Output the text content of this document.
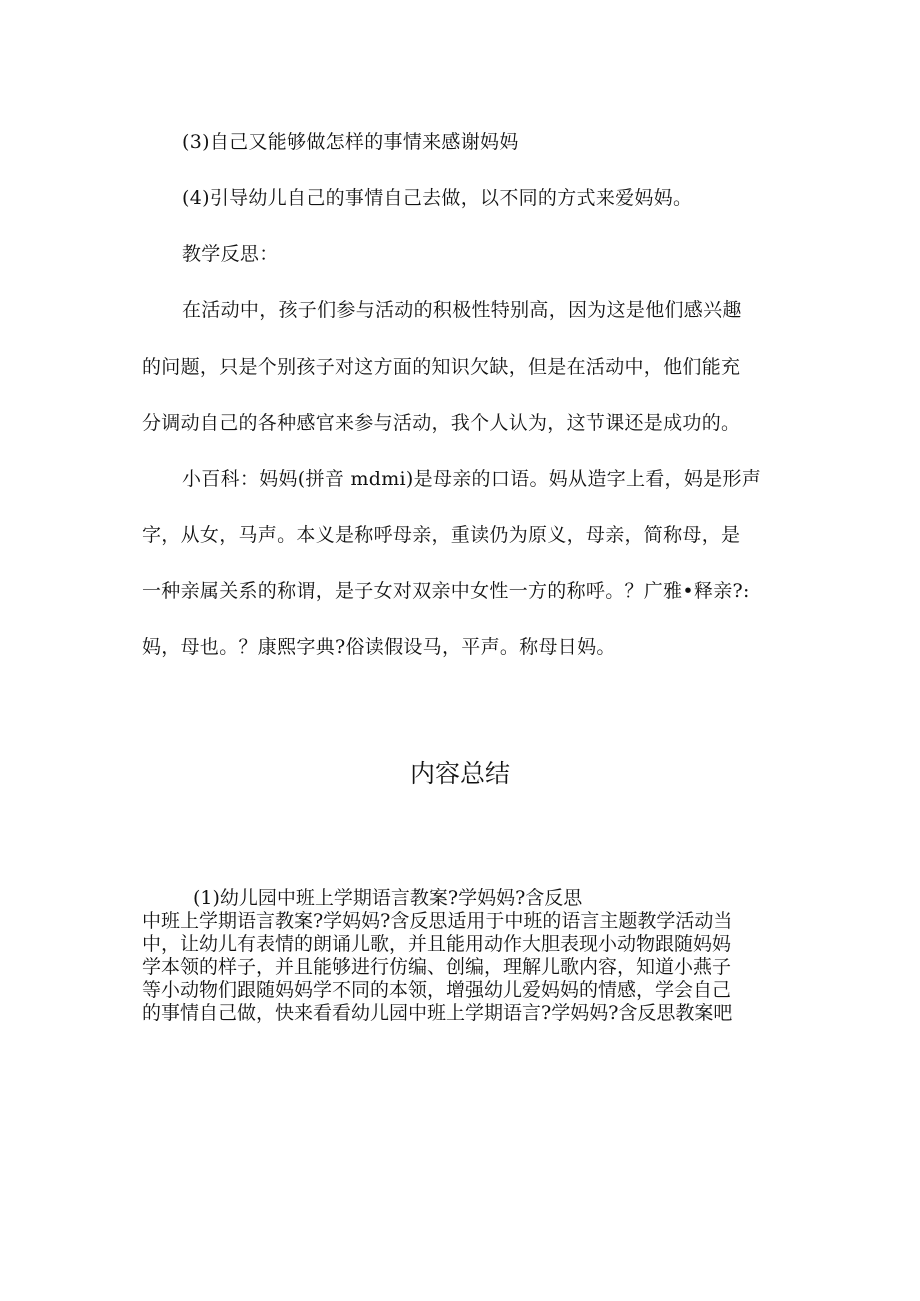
(3)自己又能够做怎样的事情来感谢妈妈
(4)引导幼儿自己的事情自己去做，以不同的方式来爱妈妈。
教学反思：
在活动中，孩子们参与活动的积极性特别高，因为这是他们感兴趣
的问题，只是个别孩子对这方面的知识欠缺，但是在活动中，他们能充
分调动自己的各种感官来参与活动，我个人认为，这节课还是成功的。
小百科：妈妈(拼音 mdmi)是母亲的口语。妈从造字上看，妈是形声
字，从女，马声。本义是称呼母亲，重读仍为原义，母亲，简称母，是
一种亲属关系的称谓，是子女对双亲中女性一方的称呼。？广雅•释亲?:
妈，母也。？康熙字典?俗读假设马，平声。称母日妈。
内容总结
(1)幼儿园中班上学期语言教案?学妈妈?含反思
中班上学期语言教案?学妈妈?含反思适用于中班的语言主题教学活动当
中，让幼儿有表情的朗诵儿歌，并且能用动作大胆表现小动物跟随妈妈
学本领的样子，并且能够进行仿编、创编，理解儿歌内容，知道小燕子
等小动物们跟随妈妈学不同的本领，增强幼儿爱妈妈的情感，学会自己
的事情自己做，快来看看幼儿园中班上学期语言?学妈妈?含反思教案吧
